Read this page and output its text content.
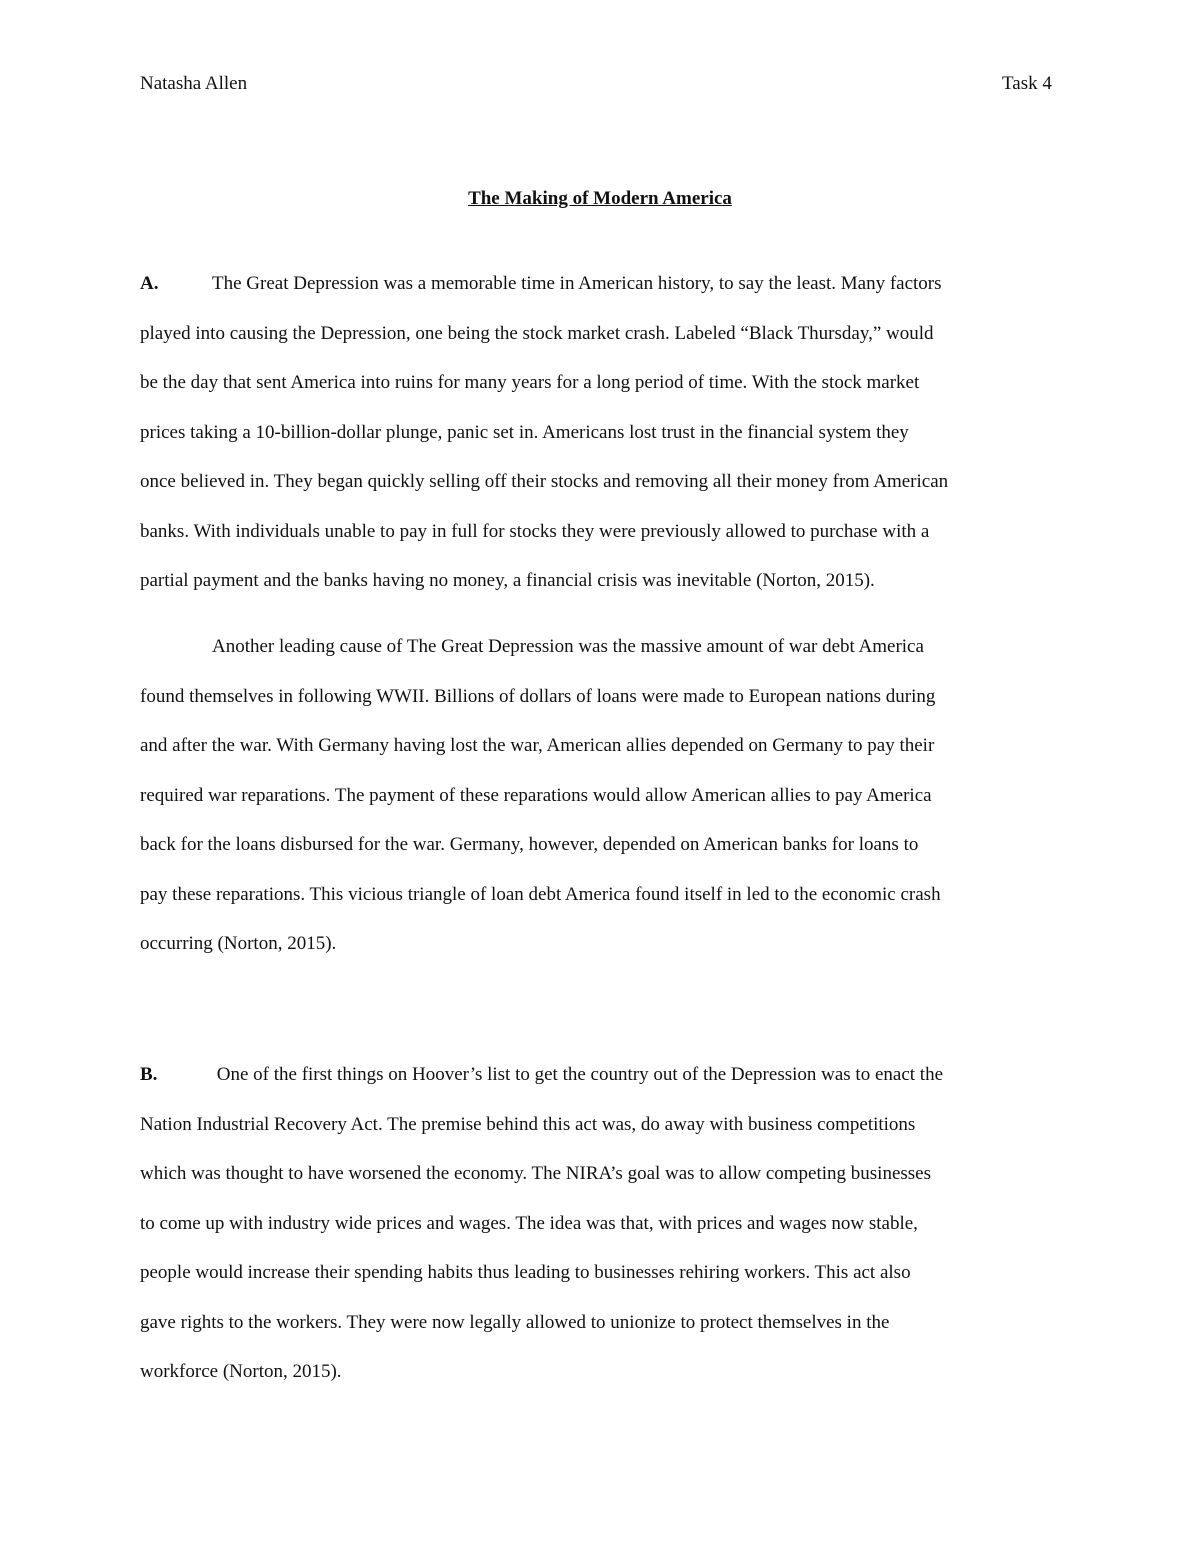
Natasha Allen	Task 4

The Making of Modern America

A.	The Great Depression was a memorable time in American history, to say the least. Many factors
played into causing the Depression, one being the stock market crash. Labeled “Black Thursday,” would
be the day that sent America into ruins for many years for a long period of time. With the stock market
prices taking a 10-billion-dollar plunge, panic set in. Americans lost trust in the financial system they
once believed in. They began quickly selling off their stocks and removing all their money from American
banks. With individuals unable to pay in full for stocks they were previously allowed to purchase with a
partial payment and the banks having no money, a financial crisis was inevitable (Norton, 2015).

Another leading cause of The Great Depression was the massive amount of war debt America
found themselves in following WWII. Billions of dollars of loans were made to European nations during
and after the war. With Germany having lost the war, American allies depended on Germany to pay their
required war reparations. The payment of these reparations would allow American allies to pay America
back for the loans disbursed for the war. Germany, however, depended on American banks for loans to
pay these reparations. This vicious triangle of loan debt America found itself in led to the economic crash
occurring (Norton, 2015).

B.	One of the first things on Hoover’s list to get the country out of the Depression was to enact the
Nation Industrial Recovery Act. The premise behind this act was, do away with business competitions
which was thought to have worsened the economy. The NIRA’s goal was to allow competing businesses
to come up with industry wide prices and wages. The idea was that, with prices and wages now stable,
people would increase their spending habits thus leading to businesses rehiring workers. This act also
gave rights to the workers. They were now legally allowed to unionize to protect themselves in the
workforce (Norton, 2015).
